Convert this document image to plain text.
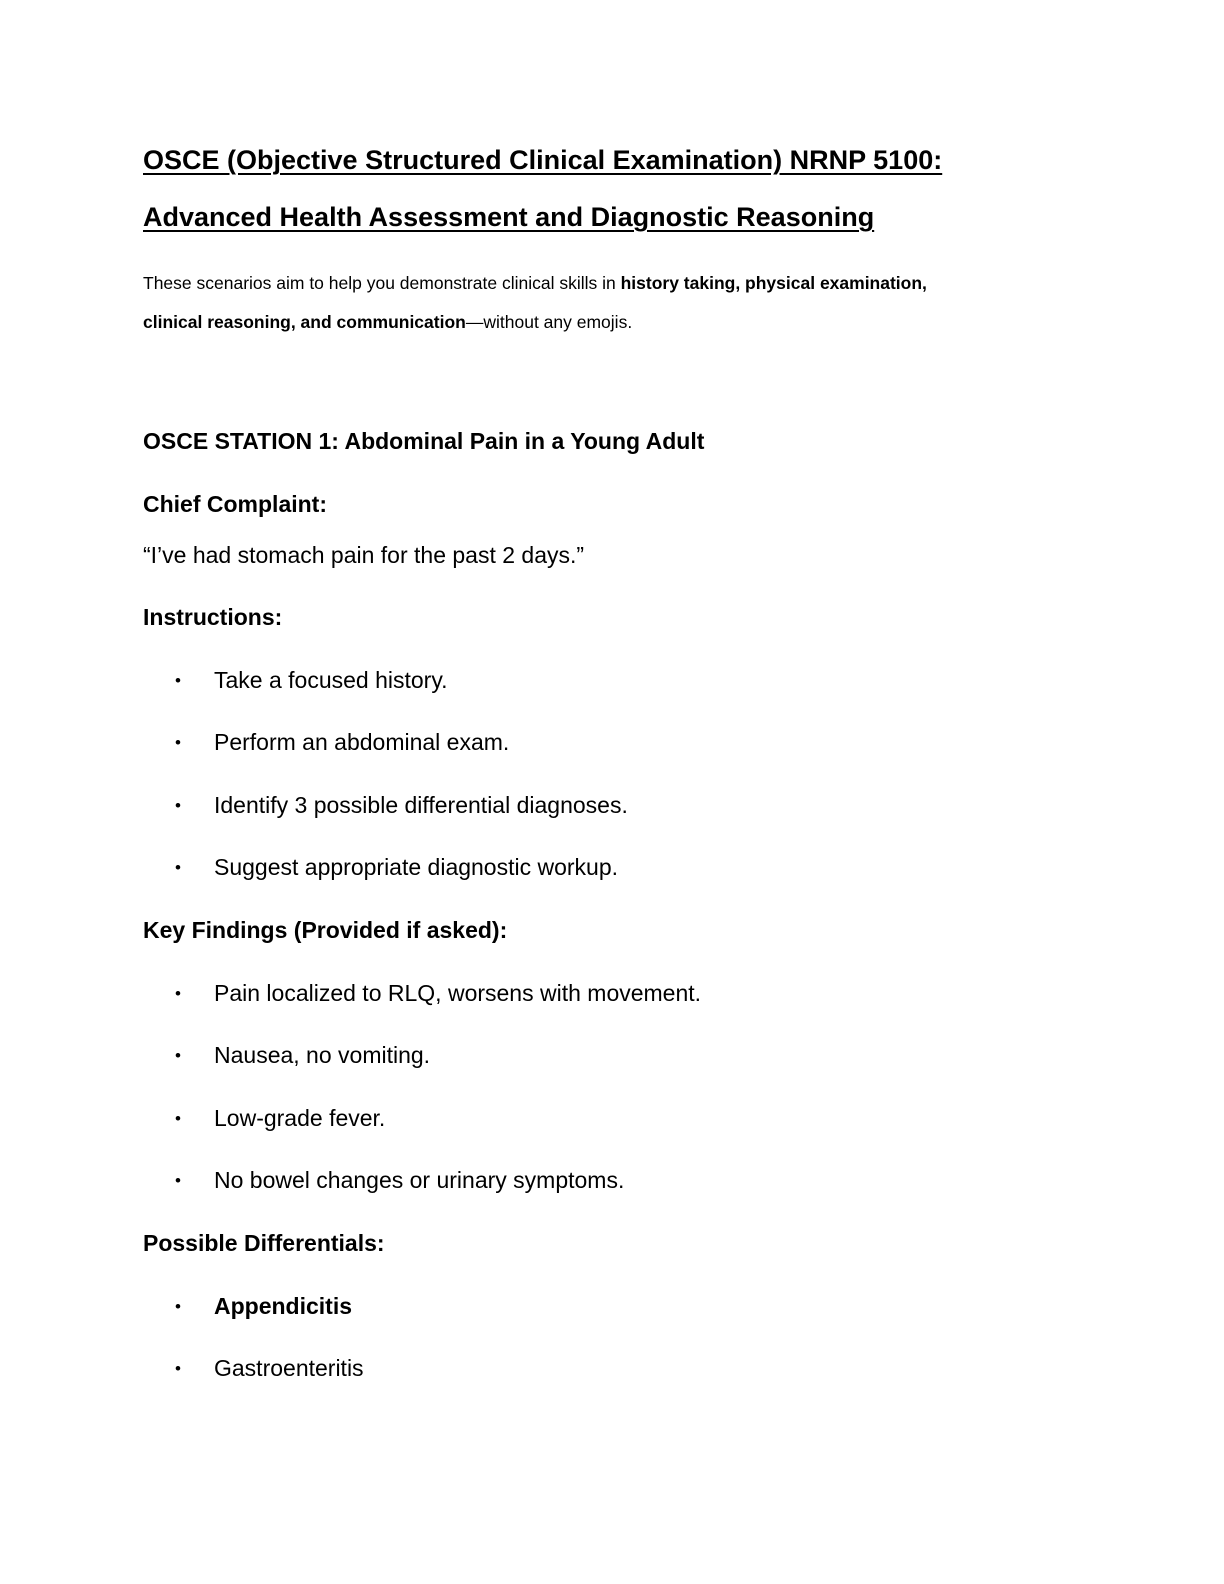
OSCE (Objective Structured Clinical Examination) NRNP 5100:
Advanced Health Assessment and Diagnostic Reasoning
These scenarios aim to help you demonstrate clinical skills in history taking, physical examination,
clinical reasoning, and communication—without any emojis.
OSCE STATION 1: Abdominal Pain in a Young Adult
Chief Complaint:
“I’ve had stomach pain for the past 2 days.”
Instructions:
• Take a focused history.
• Perform an abdominal exam.
• Identify 3 possible differential diagnoses.
• Suggest appropriate diagnostic workup.
Key Findings (Provided if asked):
• Pain localized to RLQ, worsens with movement.
• Nausea, no vomiting.
• Low-grade fever.
• No bowel changes or urinary symptoms.
Possible Differentials:
• Appendicitis
• Gastroenteritis
